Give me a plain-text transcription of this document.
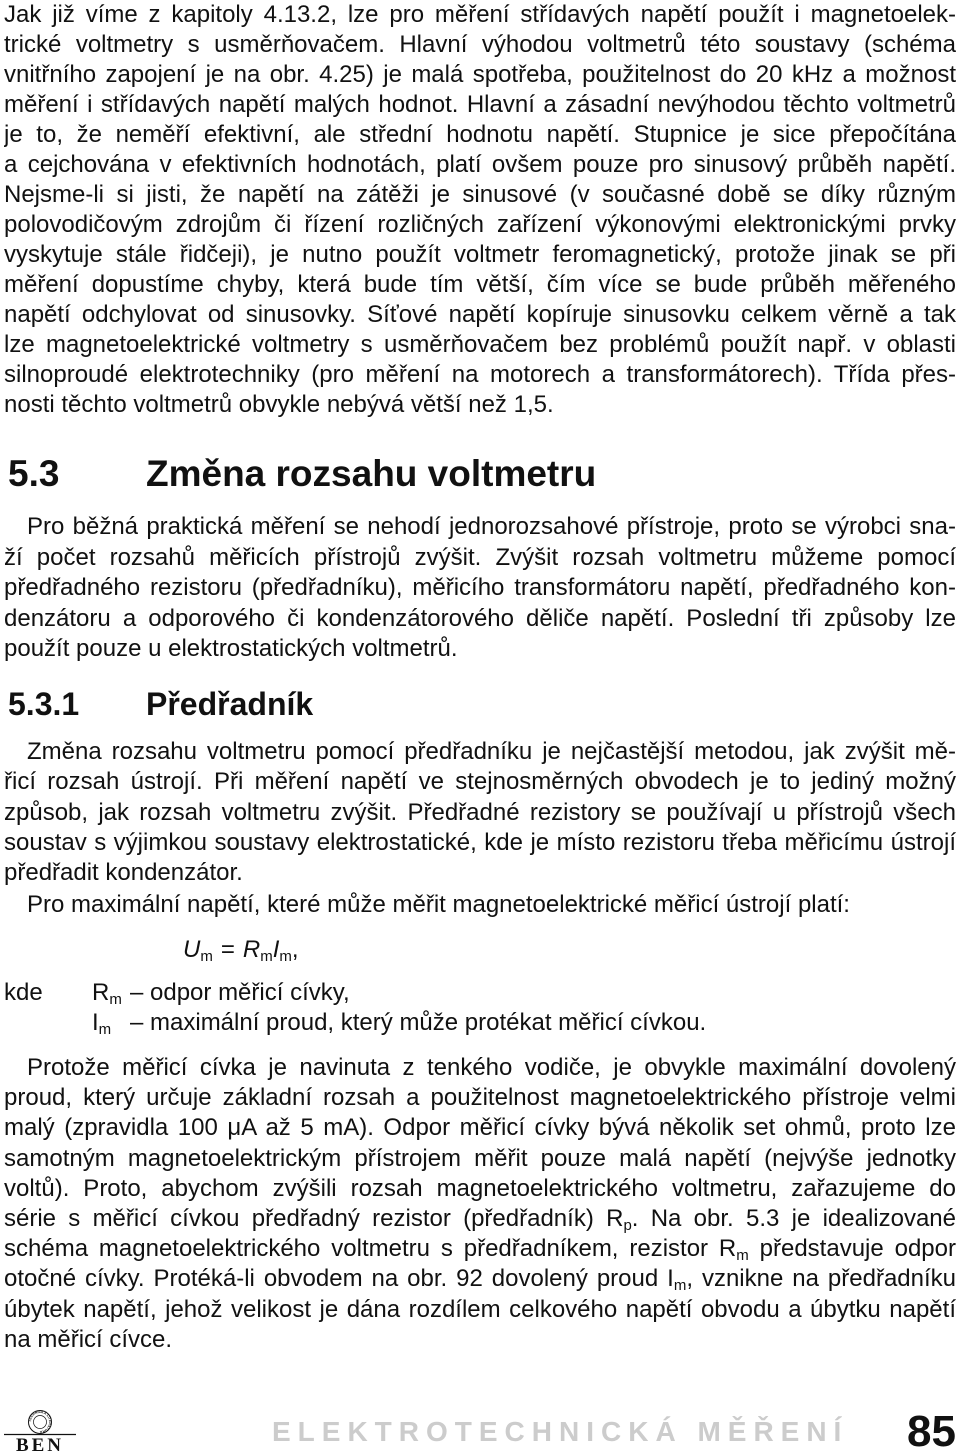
Jak již víme z kapitoly 4.13.2, lze pro měření střídavých napětí použít i magnetoelek-
trické voltmetry s usměrňovačem. Hlavní výhodou voltmetrů této soustavy (schéma
vnitřního zapojení je na obr. 4.25) je malá spotřeba, použitelnost do 20 kHz a možnost
měření i střídavých napětí malých hodnot. Hlavní a zásadní nevýhodou těchto voltmetrů
je to, že neměří efektivní, ale střední hodnotu napětí. Stupnice je sice přepočítána
a cejchována v efektivních hodnotách, platí ovšem pouze pro sinusový průběh napětí.
Nejsme-li si jisti, že napětí na zátěži je sinusové (v současné době se díky různým
polovodičovým zdrojům či řízení rozličných zařízení výkonovými elektronickými prvky
vyskytuje stále řidčeji), je nutno použít voltmetr feromagnetický, protože jinak se při
měření dopustíme chyby, která bude tím větší, čím více se bude průběh měřeného
napětí odchylovat od sinusovky. Síťové napětí kopíruje sinusovku celkem věrně a tak
lze magnetoelektrické voltmetry s usměrňovačem bez problémů použít např. v oblasti
silnoproudé elektrotechniky (pro měření na motorech a transformátorech). Třída přes-
nosti těchto voltmetrů obvykle nebývá větší než 1,5.
5.3 Změna rozsahu voltmetru
Pro běžná praktická měření se nehodí jednorozsahové přístroje, proto se výrobci sna-
ží počet rozsahů měřicích přístrojů zvýšit. Zvýšit rozsah voltmetru můžeme pomocí
předřadného rezistoru (předřadníku), měřicího transformátoru napětí, předřadného kon-
denzátoru a odporového či kondenzátorového děliče napětí. Poslední tři způsoby lze
použít pouze u elektrostatických voltmetrů.
5.3.1 Předřadník
Změna rozsahu voltmetru pomocí předřadníku je nejčastější metodou, jak zvýšit mě-
řicí rozsah ústrojí. Při měření napětí ve stejnosměrných obvodech je to jediný možný
způsob, jak rozsah voltmetru zvýšit. Předřadné rezistory se používají u přístrojů všech
soustav s výjimkou soustavy elektrostatické, kde je místo rezistoru třeba měřicímu ústrojí
předřadit kondenzátor.
Pro maximální napětí, které může měřit magnetoelektrické měřicí ústrojí platí:
$U_m = R_mI_m$,
kde $R_m$ – odpor měřicí cívky,
$I_m$ – maximální proud, který může protékat měřicí cívkou.
Protože měřicí cívka je navinuta z tenkého vodiče, je obvykle maximální dovolený
proud, který určuje základní rozsah a použitelnost magnetoelektrického přístroje velmi
malý (zpravidla 100 μA až 5 mA). Odpor měřicí cívky bývá několik set ohmů, proto lze
samotným magnetoelektrickým přístrojem měřit pouze malá napětí (nejvýše jednotky
voltů). Proto, abychom zvýšili rozsah magnetoelektrického voltmetru, zařazujeme do
série s měřicí cívkou předřadný rezistor (předřadník) $R_p$. Na obr. 5.3 je idealizované
schéma magnetoelektrického voltmetru s předřadníkem, rezistor $R_m$ představuje odpor
otočné cívky. Protéká-li obvodem na obr. 92 dovolený proud $I_m$, vznikne na předřadníku
úbytek napětí, jehož velikost je dána rozdílem celkového napětí obvodu a úbytku napětí
na měřicí cívce.
TECHNICKÁ LITERATURA
BEN	ELEKTROTECHNICKÁ MĚŘENÍ 85
